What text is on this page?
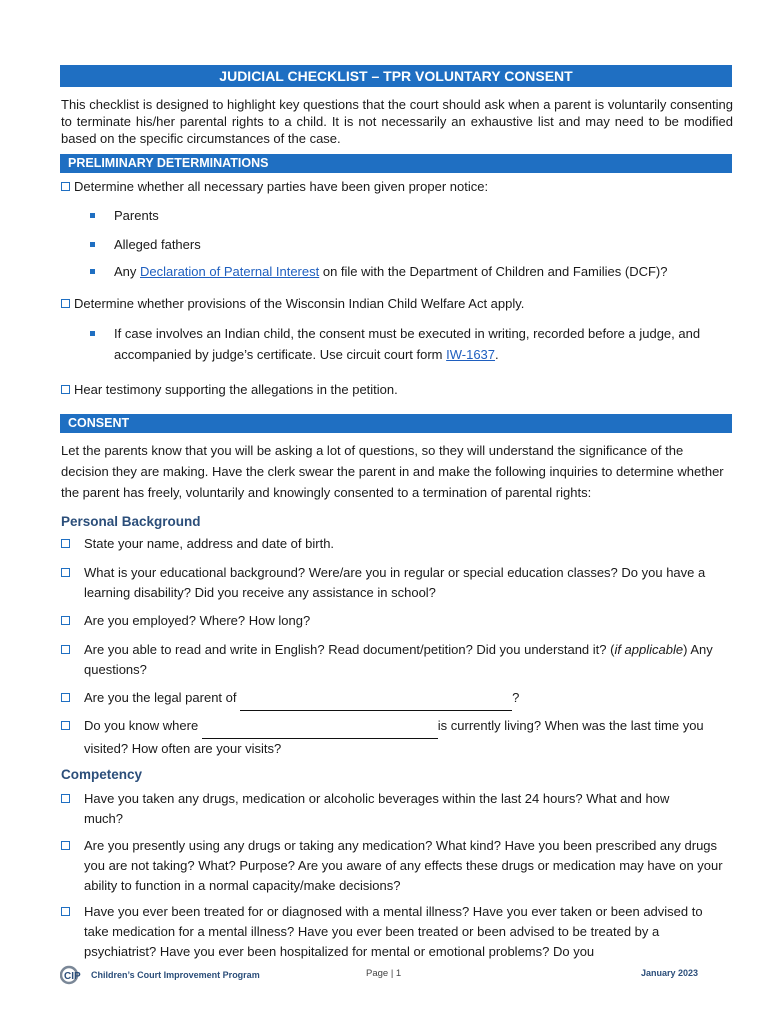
JUDICIAL CHECKLIST – TPR VOLUNTARY CONSENT
This checklist is designed to highlight key questions that the court should ask when a parent is voluntarily consenting to terminate his/her parental rights to a child. It is not necessarily an exhaustive list and may need to be modified based on the specific circumstances of the case.
PRELIMINARY DETERMINATIONS
Determine whether all necessary parties have been given proper notice:
Parents
Alleged fathers
Any Declaration of Paternal Interest on file with the Department of Children and Families (DCF)?
Determine whether provisions of the Wisconsin Indian Child Welfare Act apply.
If case involves an Indian child, the consent must be executed in writing, recorded before a judge, and accompanied by judge’s certificate. Use circuit court form IW-1637.
Hear testimony supporting the allegations in the petition.
CONSENT
Let the parents know that you will be asking a lot of questions, so they will understand the significance of the decision they are making. Have the clerk swear the parent in and make the following inquiries to determine whether the parent has freely, voluntarily and knowingly consented to a termination of parental rights:
Personal Background
State your name, address and date of birth.
What is your educational background? Were/are you in regular or special education classes? Do you have a learning disability? Did you receive any assistance in school?
Are you employed? Where? How long?
Are you able to read and write in English? Read document/petition? Did you understand it? (if applicable) Any questions?
Are you the legal parent of	?
Do you know where	is currently living? When was the last time you visited? How often are your visits?
Competency
Have you taken any drugs, medication or alcoholic beverages within the last 24 hours? What and how much?
Are you presently using any drugs or taking any medication? What kind? Have you been prescribed any drugs you are not taking? What? Purpose? Are you aware of any effects these drugs or medication may have on your ability to function in a normal capacity/make decisions?
Have you ever been treated for or diagnosed with a mental illness? Have you ever taken or been advised to take medication for a mental illness? Have you ever been treated or been advised to be treated by a psychiatrist? Have you ever been hospitalized for mental or emotional problems? Do you
CIP Children’s Court Improvement Program	Page | 1	January 2023
